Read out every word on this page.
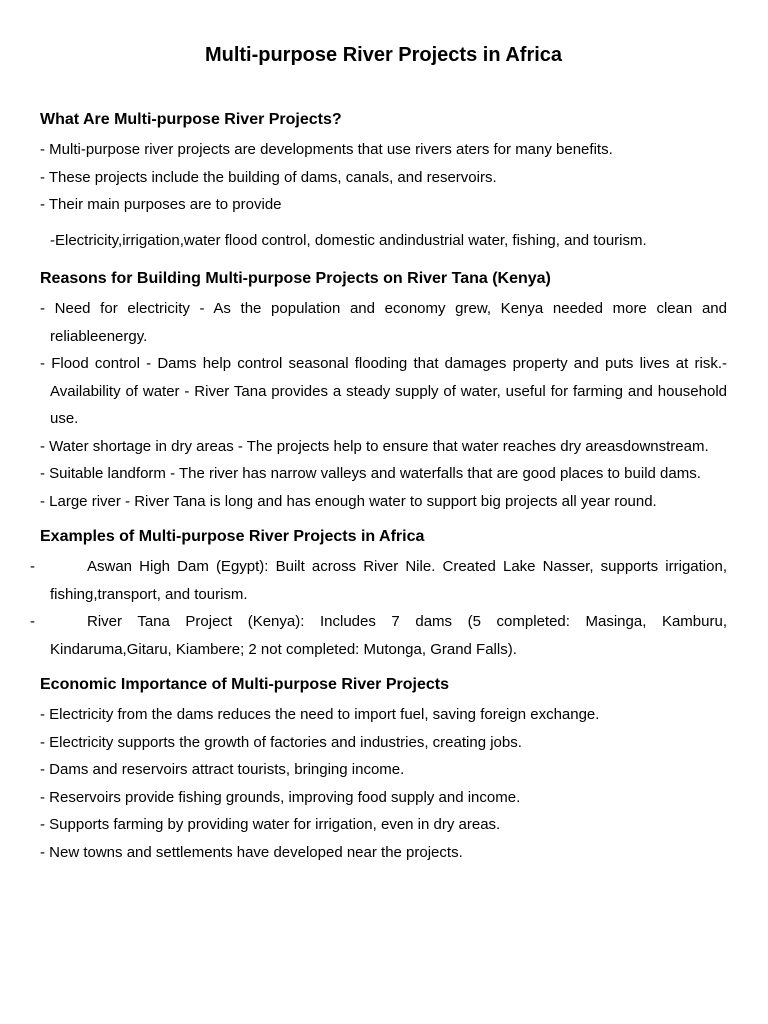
Multi-purpose River Projects in Africa
What Are Multi-purpose River Projects?
- Multi-purpose river projects are developments that use rivers aters for many benefits.
- These projects include the building of dams, canals, and reservoirs.
- Their main purposes are to provide

-Electricity,irrigation,water flood control, domestic andindustrial water, fishing, and tourism.

Reasons for Building Multi-purpose Projects on River Tana (Kenya)
- Need for electricity - As the population and economy grew, Kenya needed more clean and reliableenergy.
- Flood control - Dams help control seasonal flooding that damages property and puts lives at risk.- Availability of water - River Tana provides a steady supply of water, useful for farming and household use.
- Water shortage in dry areas - The projects help to ensure that water reaches dry areasdownstream.
- Suitable landform - The river has narrow valleys and waterfalls that are good places to build dams.
- Large river - River Tana is long and has enough water to support big projects all year round.
Examples of Multi-purpose River Projects in Africa
-	Aswan High Dam (Egypt): Built across River Nile. Created Lake Nasser, supports irrigation, fishing,transport, and tourism.
-	River Tana Project (Kenya): Includes 7 dams (5 completed: Masinga, Kamburu, Kindaruma,Gitaru, Kiambere; 2 not completed: Mutonga, Grand Falls).
Economic Importance of Multi-purpose River Projects
- Electricity from the dams reduces the need to import fuel, saving foreign exchange.
- Electricity supports the growth of factories and industries, creating jobs.
- Dams and reservoirs attract tourists, bringing income.
- Reservoirs provide fishing grounds, improving food supply and income.
- Supports farming by providing water for irrigation, even in dry areas.
- New towns and settlements have developed near the projects.
